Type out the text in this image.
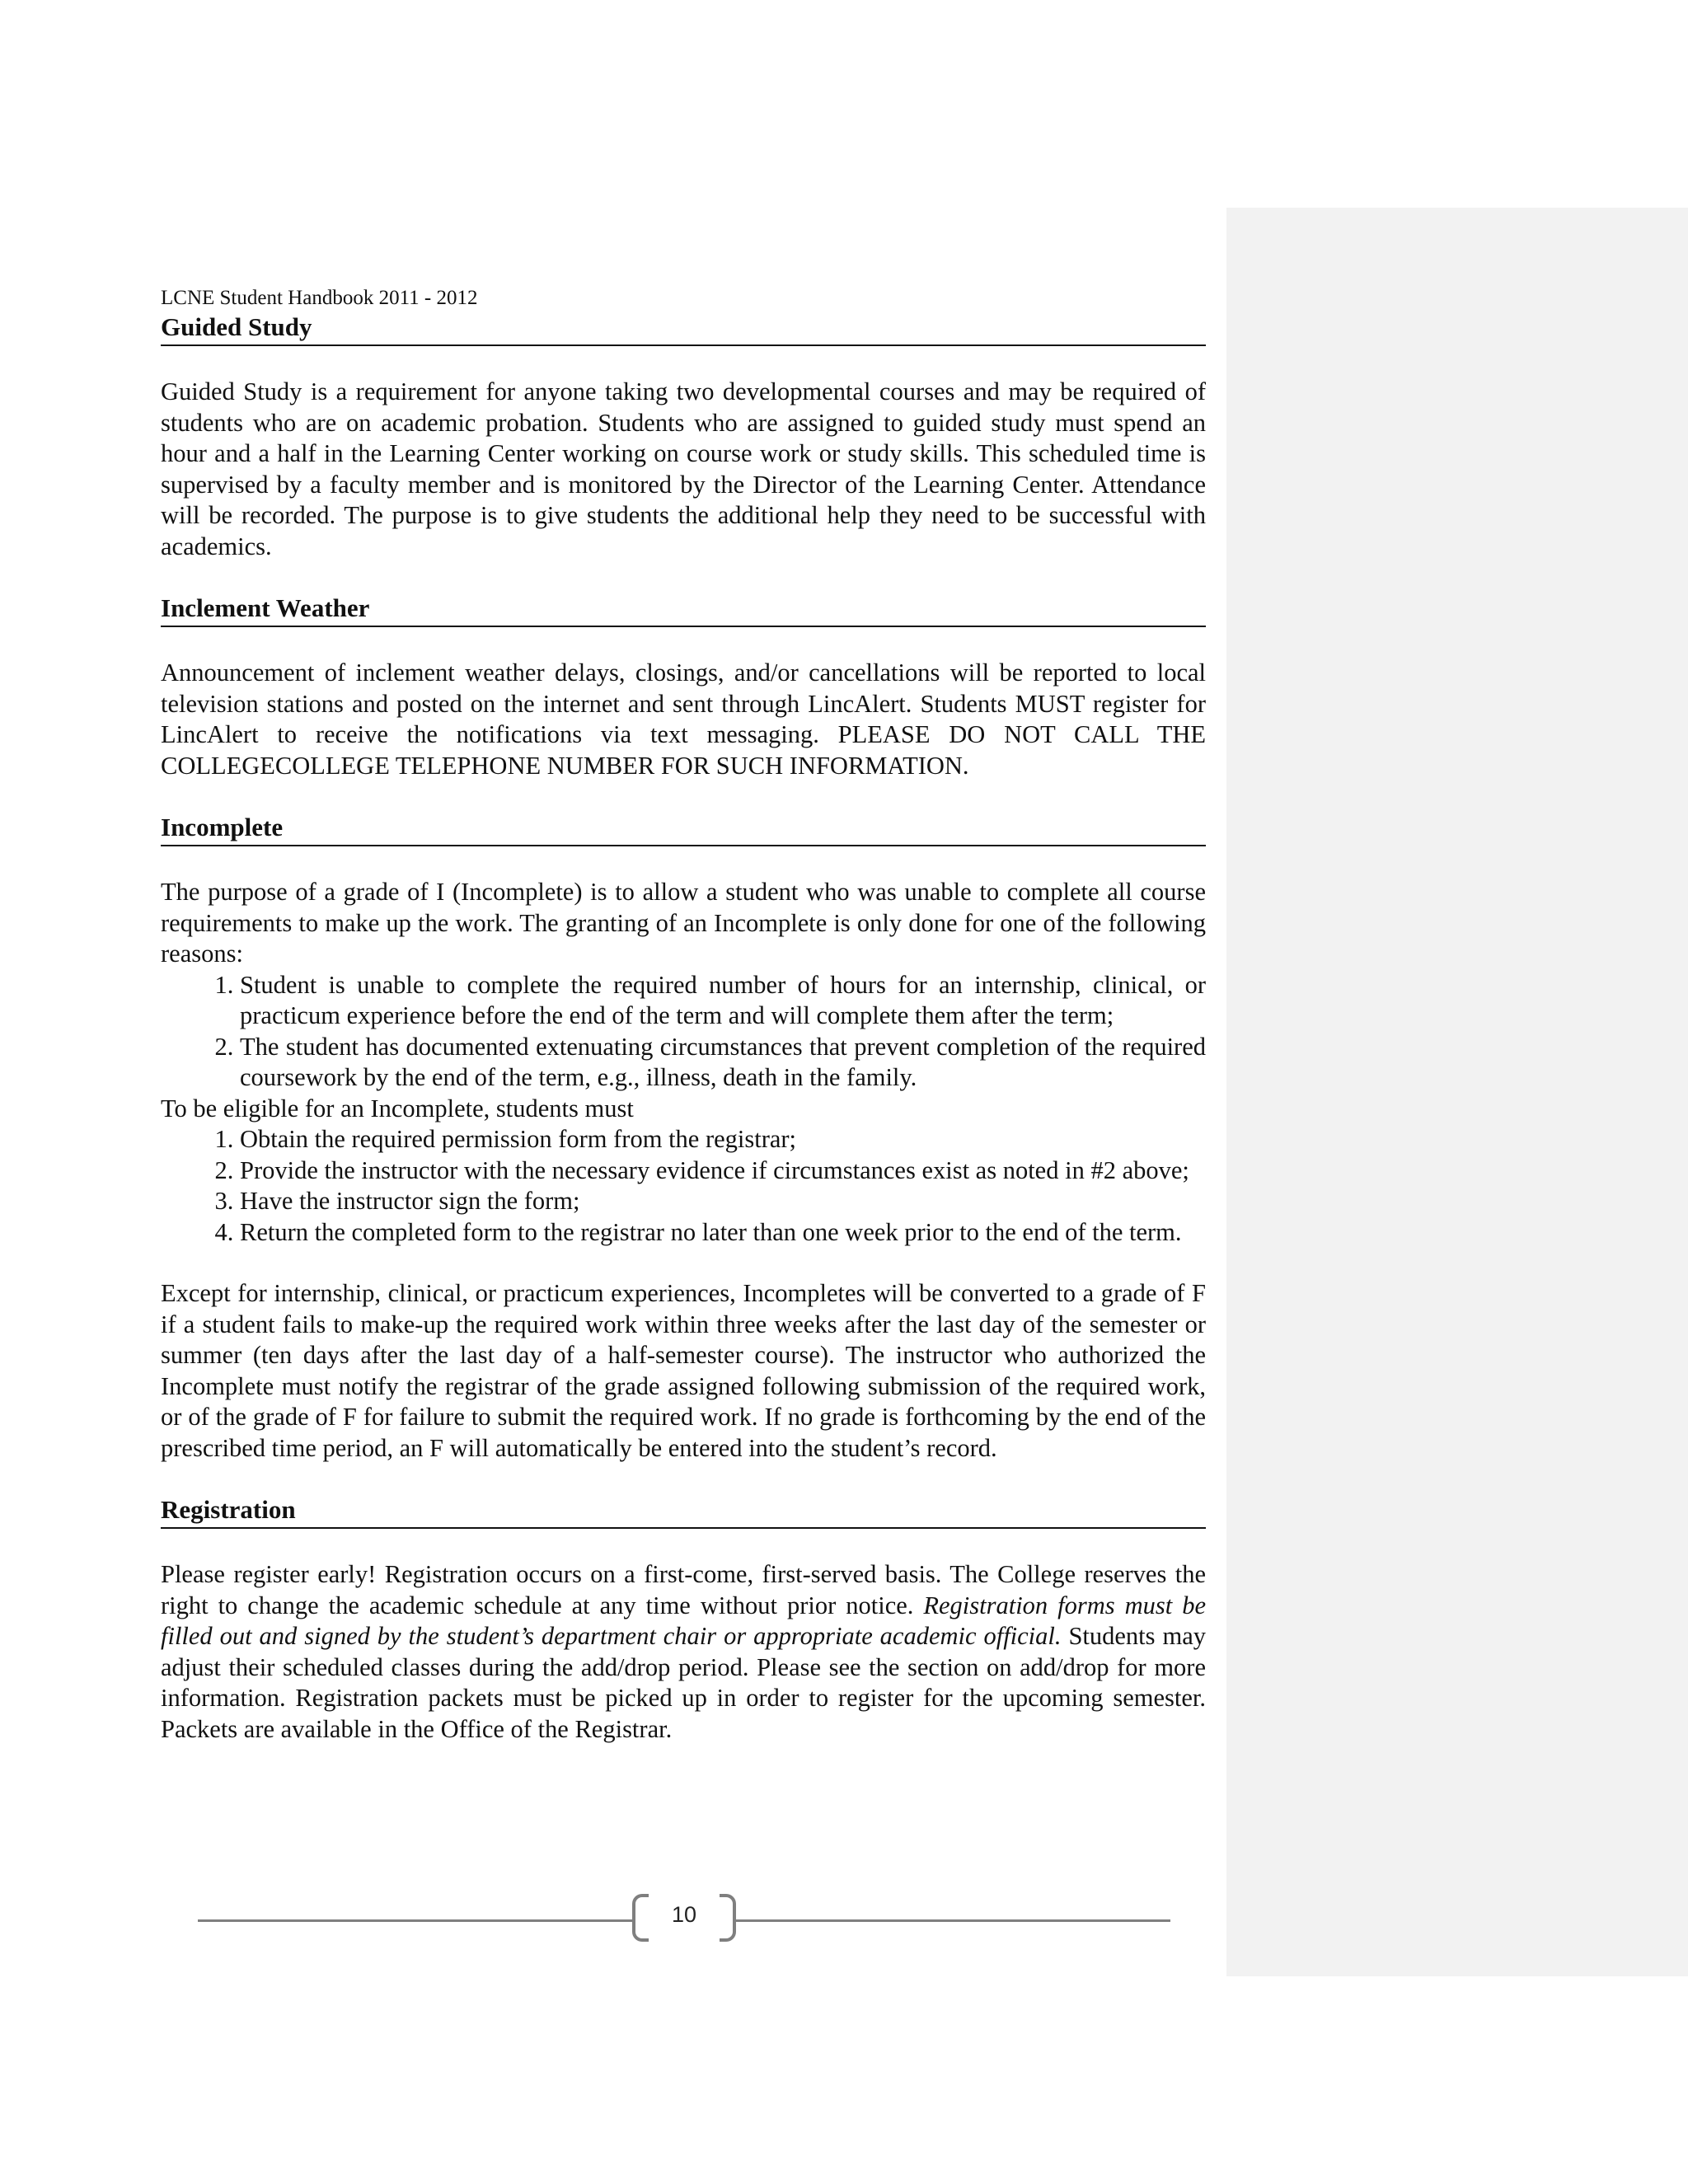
LCNE Student Handbook 2011 - 2012
Guided Study

Guided Study is a requirement for anyone taking two developmental courses and may be required of students who are on academic probation. Students who are assigned to guided study must spend an hour and a half in the Learning Center working on course work or study skills. This scheduled time is supervised by a faculty member and is monitored by the Director of the Learning Center. Attendance will be recorded. The purpose is to give students the additional help they need to be successful with academics.

Inclement Weather

Announcement of inclement weather delays, closings, and/or cancellations will be reported to local television stations and posted on the internet and sent through LincAlert. Students MUST register for LincAlert to receive the notifications via text messaging. PLEASE DO NOT CALL THE COLLEGECOLLEGE TELEPHONE NUMBER FOR SUCH INFORMATION.

Incomplete

The purpose of a grade of I (Incomplete) is to allow a student who was unable to complete all course requirements to make up the work. The granting of an Incomplete is only done for one of the following reasons:

1. Student is unable to complete the required number of hours for an internship, clinical, or practicum experience before the end of the term and will complete them after the term;
2. The student has documented extenuating circumstances that prevent completion of the required coursework by the end of the term, e.g., illness, death in the family.

To be eligible for an Incomplete, students must

1. Obtain the required permission form from the registrar;
2. Provide the instructor with the necessary evidence if circumstances exist as noted in #2 above;
3. Have the instructor sign the form;
4. Return the completed form to the registrar no later than one week prior to the end of the term.

Except for internship, clinical, or practicum experiences, Incompletes will be converted to a grade of F if a student fails to make-up the required work within three weeks after the last day of the semester or summer (ten days after the last day of a half-semester course). The instructor who authorized the Incomplete must notify the registrar of the grade assigned following submission of the required work, or of the grade of F for failure to submit the required work. If no grade is forthcoming by the end of the prescribed time period, an F will automatically be entered into the student’s record.

Registration

Please register early! Registration occurs on a first-come, first-served basis. The College reserves the right to change the academic schedule at any time without prior notice. Registration forms must be filled out and signed by the student’s department chair or appropriate academic official. Students may adjust their scheduled classes during the add/drop period. Please see the section on add/drop for more information. Registration packets must be picked up in order to register for the upcoming semester. Packets are available in the Office of the Registrar.

10
